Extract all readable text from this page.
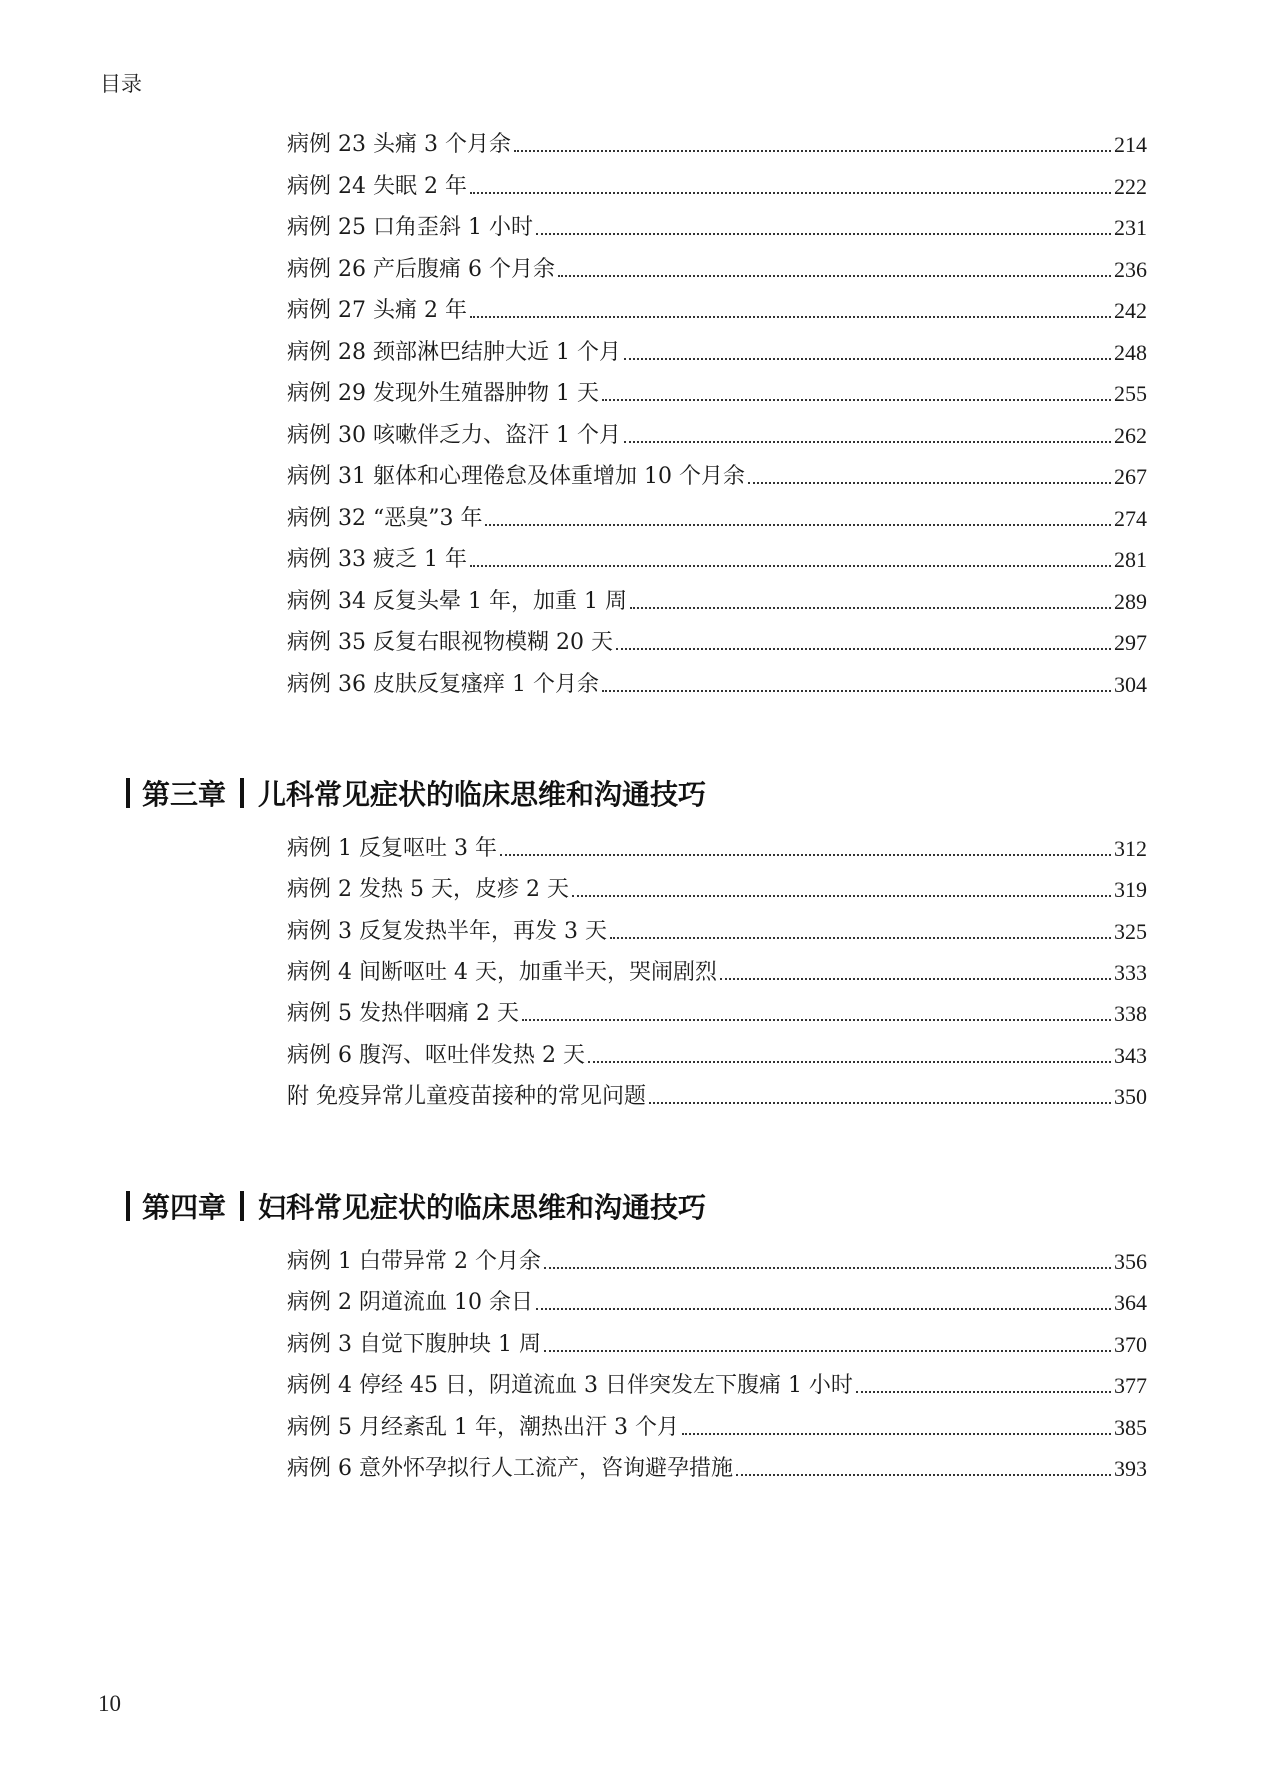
目录
病例 23 头痛 3 个月余	214
病例 24 失眠 2 年	222
病例 25 口角歪斜 1 小时	231
病例 26 产后腹痛 6 个月余	236
病例 27 头痛 2 年	242
病例 28 颈部淋巴结肿大近 1 个月	248
病例 29 发现外生殖器肿物 1 天	255
病例 30 咳嗽伴乏力、盗汗 1 个月	262
病例 31 躯体和心理倦怠及体重增加 10 个月余	267
病例 32 “恶臭”3 年	274
病例 33 疲乏 1 年	281
病例 34 反复头晕 1 年，加重 1 周	289
病例 35 反复右眼视物模糊 20 天	297
病例 36 皮肤反复瘙痒 1 个月余	304
第三章 儿科常见症状的临床思维和沟通技巧
病例 1 反复呕吐 3 年	312
病例 2 发热 5 天，皮疹 2 天	319
病例 3 反复发热半年，再发 3 天	325
病例 4 间断呕吐 4 天，加重半天，哭闹剧烈	333
病例 5 发热伴咽痛 2 天	338
病例 6 腹泻、呕吐伴发热 2 天	343
附 免疫异常儿童疫苗接种的常见问题	350
第四章 妇科常见症状的临床思维和沟通技巧
病例 1 白带异常 2 个月余	356
病例 2 阴道流血 10 余日	364
病例 3 自觉下腹肿块 1 周	370
病例 4 停经 45 日，阴道流血 3 日伴突发左下腹痛 1 小时	377
病例 5 月经紊乱 1 年，潮热出汗 3 个月	385
病例 6 意外怀孕拟行人工流产，咨询避孕措施	393
10
